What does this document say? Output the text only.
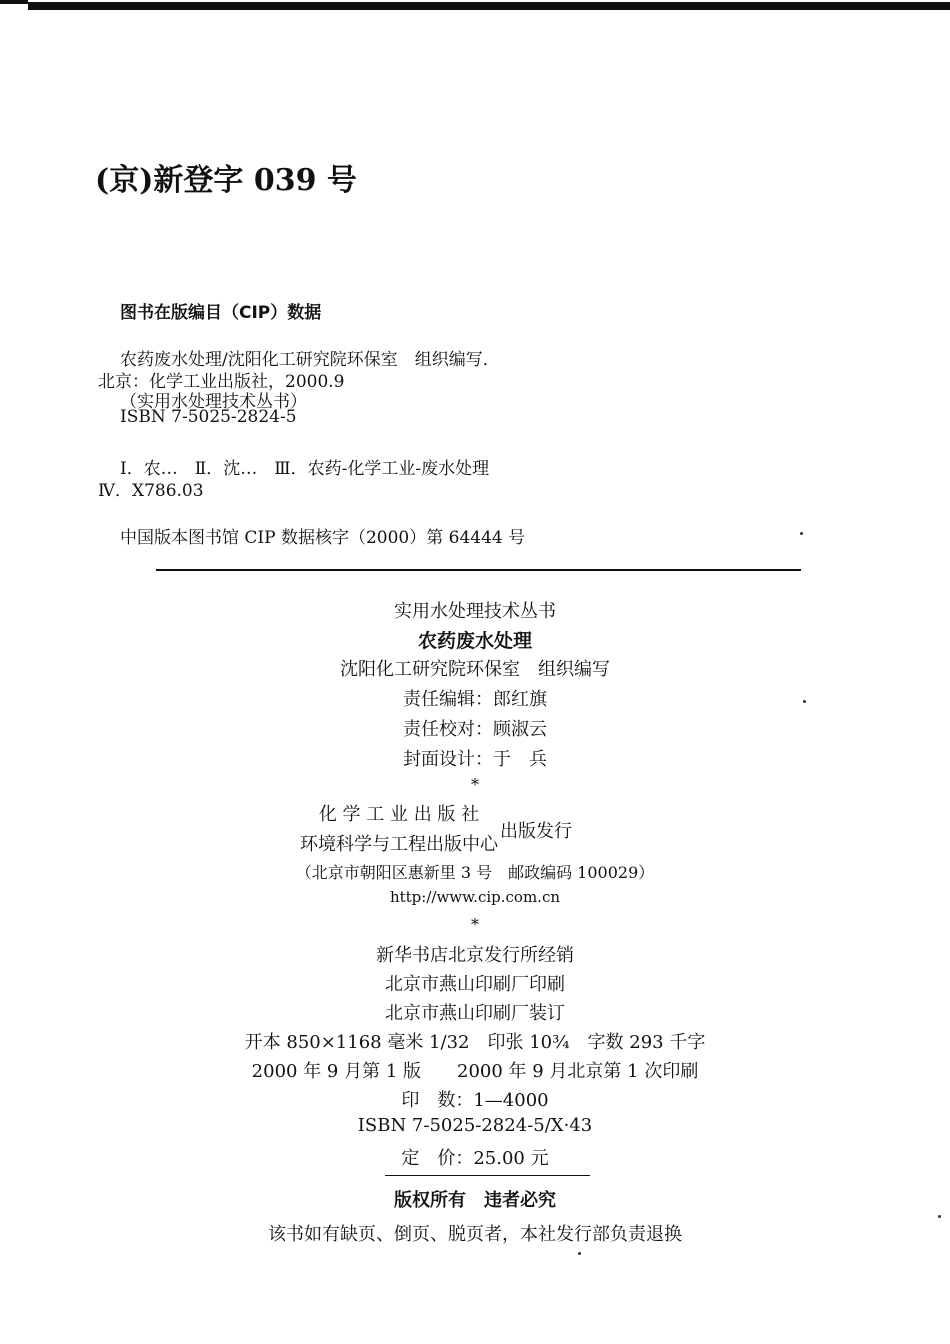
(京)新登字 039 号
图书在版编目（CIP）数据
农药废水处理/沈阳化工研究院环保室　组织编写．
北京：化学工业出版社，2000.9
（实用水处理技术丛书）
ISBN 7-5025-2824-5
Ⅰ．农…　Ⅱ．沈…　Ⅲ．农药-化学工业-废水处理
Ⅳ．X786.03
中国版本图书馆 CIP 数据核字（2000）第 64444 号
实用水处理技术丛书
农药废水处理
沈阳化工研究院环保室　组织编写
责任编辑：郎红旗
责任校对：顾淑云
封面设计：于　兵
*
化 学 工 业 出 版 社
环境科学与工程出版中心
出版发行
（北京市朝阳区惠新里 3 号　邮政编码 100029）
http://www.cip.com.cn
*
新华书店北京发行所经销
北京市燕山印刷厂印刷
北京市燕山印刷厂装订
开本 850×1168 毫米 1/32　印张 10¾　字数 293 千字
2000 年 9 月第 1 版　　2000 年 9 月北京第 1 次印刷
印　数：1—4000
ISBN 7-5025-2824-5/X·43
定　价：25.00 元
版权所有　违者必究
该书如有缺页、倒页、脱页者，本社发行部负责退换
